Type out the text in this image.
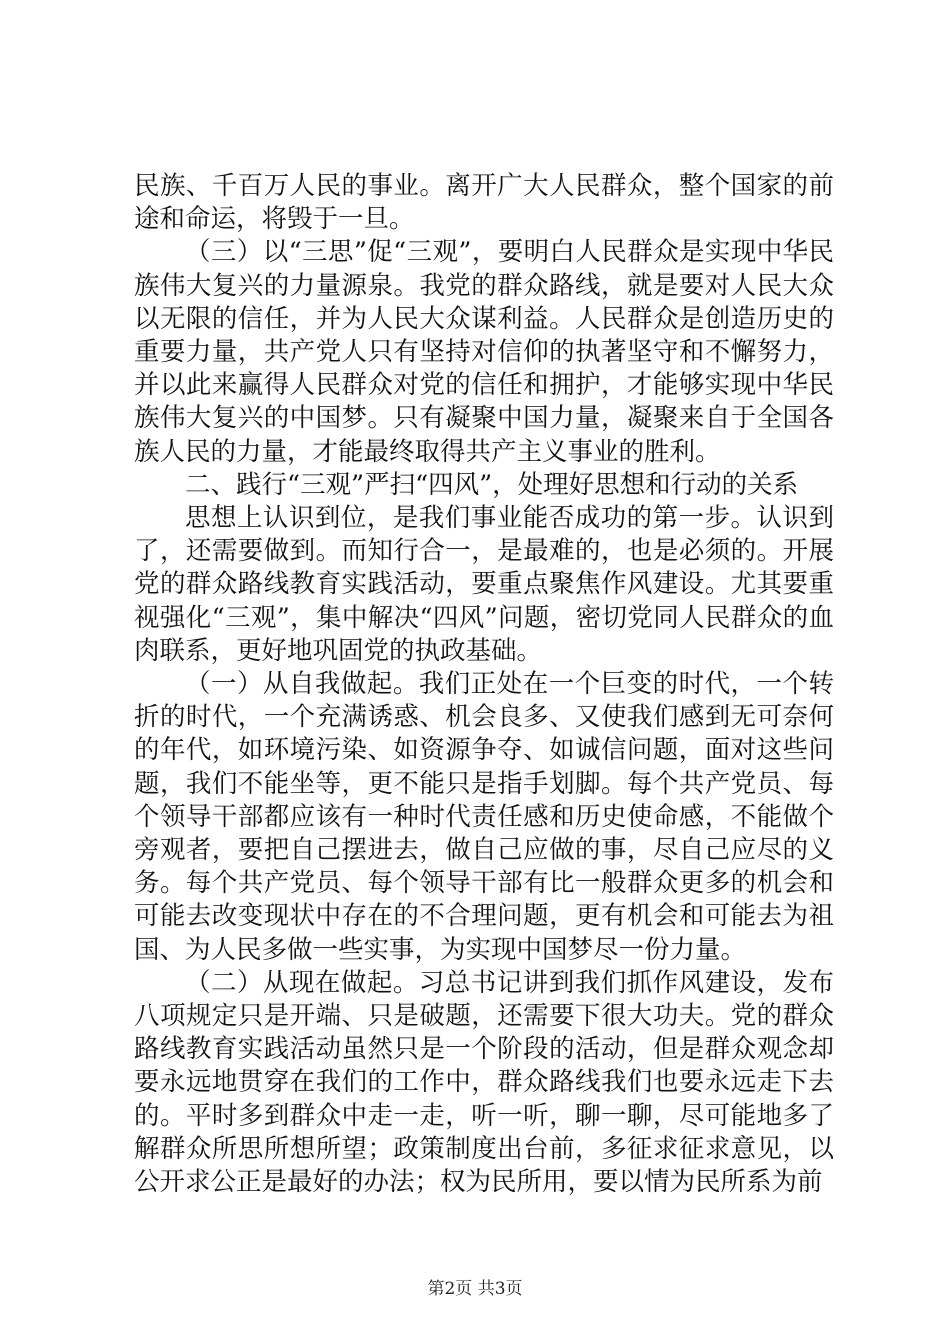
民族、千百万人民的事业。离开广大人民群众，整个国家的前途和命运，将毁于一旦。

（三）以“三思”促“三观”，要明白人民群众是实现中华民族伟大复兴的力量源泉。我党的群众路线，就是要对人民大众以无限的信任，并为人民大众谋利益。人民群众是创造历史的重要力量，共产党人只有坚持对信仰的执著坚守和不懈努力，并以此来赢得人民群众对党的信任和拥护，才能够实现中华民族伟大复兴的中国梦。只有凝聚中国力量，凝聚来自于全国各族人民的力量，才能最终取得共产主义事业的胜利。

二、践行“三观”严扫“四风”，处理好思想和行动的关系

思想上认识到位，是我们事业能否成功的第一步。认识到了，还需要做到。而知行合一，是最难的，也是必须的。开展党的群众路线教育实践活动，要重点聚焦作风建设。尤其要重视强化“三观”，集中解决“四风”问题，密切党同人民群众的血肉联系，更好地巩固党的执政基础。

（一）从自我做起。我们正处在一个巨变的时代，一个转折的时代，一个充满诱惑、机会良多、又使我们感到无可奈何的年代，如环境污染、如资源争夺、如诚信问题，面对这些问题，我们不能坐等，更不能只是指手划脚。每个共产党员、每个领导干部都应该有一种时代责任感和历史使命感，不能做个旁观者，要把自己摆进去，做自己应做的事，尽自己应尽的义务。每个共产党员、每个领导干部有比一般群众更多的机会和可能去改变现状中存在的不合理问题，更有机会和可能去为祖国、为人民多做一些实事，为实现中国梦尽一份力量。

（二）从现在做起。习总书记讲到我们抓作风建设，发布八项规定只是开端、只是破题，还需要下很大功夫。党的群众路线教育实践活动虽然只是一个阶段的活动，但是群众观念却要永远地贯穿在我们的工作中，群众路线我们也要永远走下去的。平时多到群众中走一走，听一听，聊一聊，尽可能地多了解群众所思所想所望；政策制度出台前，多征求征求意见，以公开求公正是最好的办法；权为民所用，要以情为民所系为前

第2页 共3页
